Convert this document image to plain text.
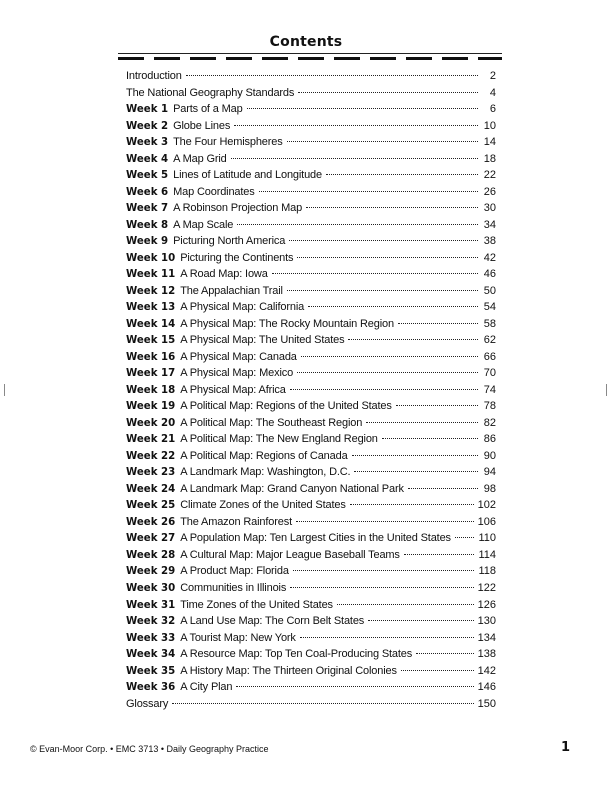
Contents
Introduction	2
The National Geography Standards	4
Week 1 Parts of a Map	6
Week 2 Globe Lines	10
Week 3 The Four Hemispheres	14
Week 4 A Map Grid	18
Week 5 Lines of Latitude and Longitude	22
Week 6 Map Coordinates	26
Week 7 A Robinson Projection Map	30
Week 8 A Map Scale	34
Week 9 Picturing North America	38
Week 10 Picturing the Continents	42
Week 11 A Road Map: Iowa	46
Week 12 The Appalachian Trail	50
Week 13 A Physical Map: California	54
Week 14 A Physical Map: The Rocky Mountain Region	58
Week 15 A Physical Map: The United States	62
Week 16 A Physical Map: Canada	66
Week 17 A Physical Map: Mexico	70
Week 18 A Physical Map: Africa	74
Week 19 A Political Map: Regions of the United States	78
Week 20 A Political Map: The Southeast Region	82
Week 21 A Political Map: The New England Region	86
Week 22 A Political Map: Regions of Canada	90
Week 23 A Landmark Map: Washington, D.C.	94
Week 24 A Landmark Map: Grand Canyon National Park	98
Week 25 Climate Zones of the United States	102
Week 26 The Amazon Rainforest	106
Week 27 A Population Map: Ten Largest Cities in the United States	110
Week 28 A Cultural Map: Major League Baseball Teams	114
Week 29 A Product Map: Florida	118
Week 30 Communities in Illinois	122
Week 31 Time Zones of the United States	126
Week 32 A Land Use Map: The Corn Belt States	130
Week 33 A Tourist Map: New York	134
Week 34 A Resource Map: Top Ten Coal-Producing States	138
Week 35 A History Map: The Thirteen Original Colonies	142
Week 36 A City Plan	146
Glossary	150
© Evan-Moor Corp. • EMC 3713 • Daily Geography Practice	1
